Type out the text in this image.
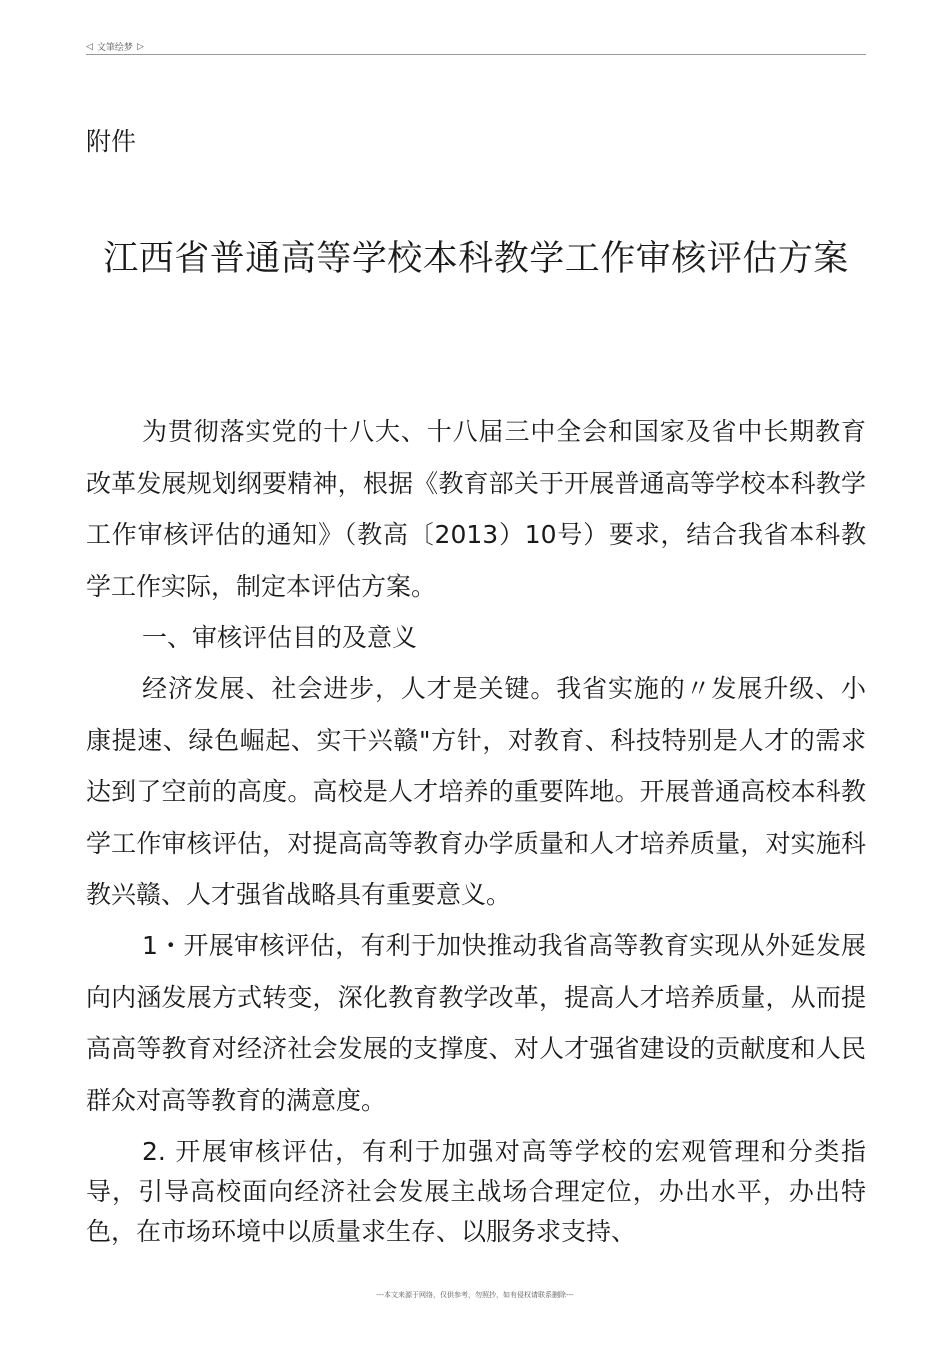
◁ 文筆绘梦 ▷
附件
江西省普通高等学校本科教学工作审核评估方案

为贯彻落实党的十八大、十八届三中全会和国家及省中长期教育改革发展规划纲要精神，根据《教育部关于开展普通高等学校本科教学工作审核评估的通知》（教高〔2013）10号）要求，结合我省本科教学工作实际，制定本评估方案。

一、审核评估目的及意义

经济发展、社会进步，人才是关键。我省实施的〃发展升级、小康提速、绿色崛起、实干兴赣"方针，对教育、科技特别是人才的需求达到了空前的高度。高校是人才培养的重要阵地。开展普通高校本科教学工作审核评估，对提高高等教育办学质量和人才培养质量，对实施科教兴赣、人才强省战略具有重要意义。

1・开展审核评估，有利于加快推动我省高等教育实现从外延发展向内涵发展方式转变，深化教育教学改革，提高人才培养质量，从而提高高等教育对经济社会发展的支撑度、对人才强省建设的贡献度和人民群众对高等教育的满意度。

2. 开展审核评估，有利于加强对高等学校的宏观管理和分类指导，引导高校面向经济社会发展主战场合理定位，办出水平，办出特色，在市场环境中以质量求生存、以服务求支持、

---本文来源于网络，仅供参考，勿照抄，如有侵权请联系删除---
